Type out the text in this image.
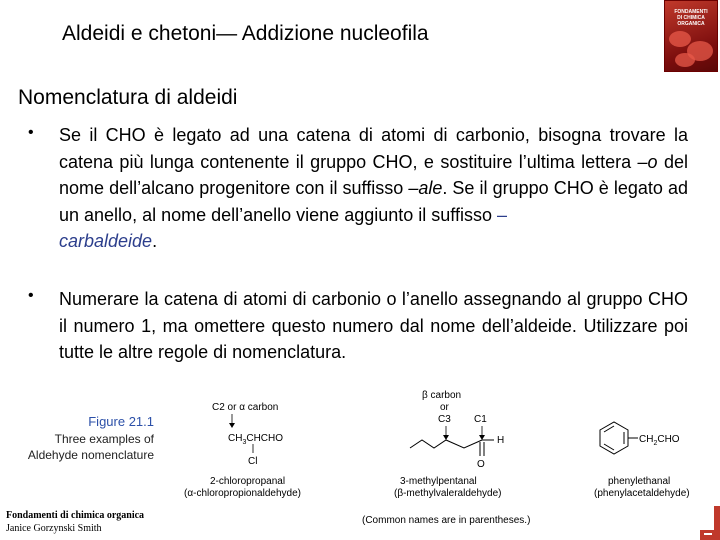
Aldeidi e chetoni— Addizione nucleofila
FONDAMENTI
DI CHIMICA
ORGANICA
Nomenclatura di aldeidi
• Se il CHO è legato ad una catena di atomi di carbonio, bisogna trovare la catena più lunga contenente il gruppo CHO, e sostituire l’ultima lettera –o del nome dell’alcano progenitore con il suffisso –ale. Se il gruppo CHO è legato ad un anello, al nome dell’anello viene aggiunto il suffisso –
carbaldeide.
• Numerare la catena di atomi di carbonio o l’anello assegnando al gruppo CHO il numero 1, ma omettere questo numero dal nome dell’aldeide. Utilizzare poi tutte le altre regole di nomenclatura.
Figure 21.1
Three examples of
Aldehyde nomenclature
Fondamenti di chimica organica
Janice Gorzynski Smith
C2 or α carbon
$CH_3CHCHO$
Cl
2-chloropropanal
(α-chloropropionaldehyde)
β carbon
or
C3 C1
H
O
3-methylpentanal
(β-methylvaleraldehyde)
$CH_2CHO$
phenylethanal
(phenylacetaldehyde)
(Common names are in parentheses.)
